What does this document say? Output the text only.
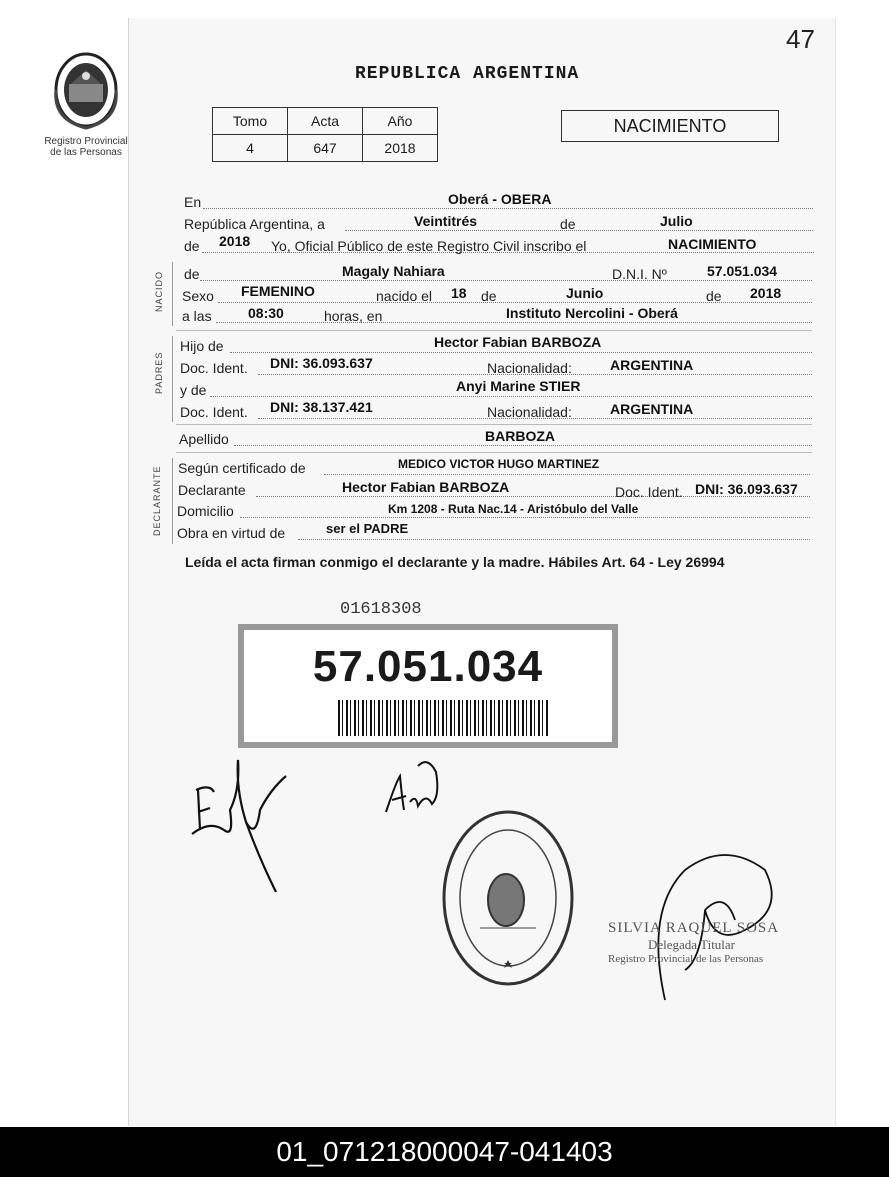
47
Registro Provincial
de las Personas
REPUBLICA ARGENTINA
Tomo	Acta	Año
4	647	2018
NACIMIENTO
En	Oberá - OBERA
República Argentina, a	Veintitrés	de	Julio
de 2018 Yo, Oficial Público de este Registro Civil inscribo el	NACIMIENTO
NACIDO de	Magaly Nahiara	D.N.I. Nº	57.051.034
Sexo FEMENINO	nacido el 18 de	Junio	de 2018
a las	08:30	horas, en	Instituto Nercolini - Oberá
PADRES
Hijo de	Hector Fabian BARBOZA
Doc. Ident. DNI: 36.093.637	Nacionalidad:	ARGENTINA
y de	Anyi Marine STIER
Doc. Ident. DNI: 38.137.421	Nacionalidad:	ARGENTINA
Apellido	BARBOZA
DECLARANTE Según certificado de	MEDICO VICTOR HUGO MARTINEZ
Declarante	Hector Fabian BARBOZA	Doc. Ident. DNI: 36.093.637
Domicilio	Km 1208 - Ruta Nac.14 - Aristóbulo del Valle
Obra en virtud de	ser el PADRE
Leída el acta firman conmigo el declarante y la madre. Hábiles Art. 64 - Ley 26994
01618308
57.051.034
SILVIA RAQUEL SOSA
Delegada Titular
Registro Provincial de las Personas
01_071218000047-041403
